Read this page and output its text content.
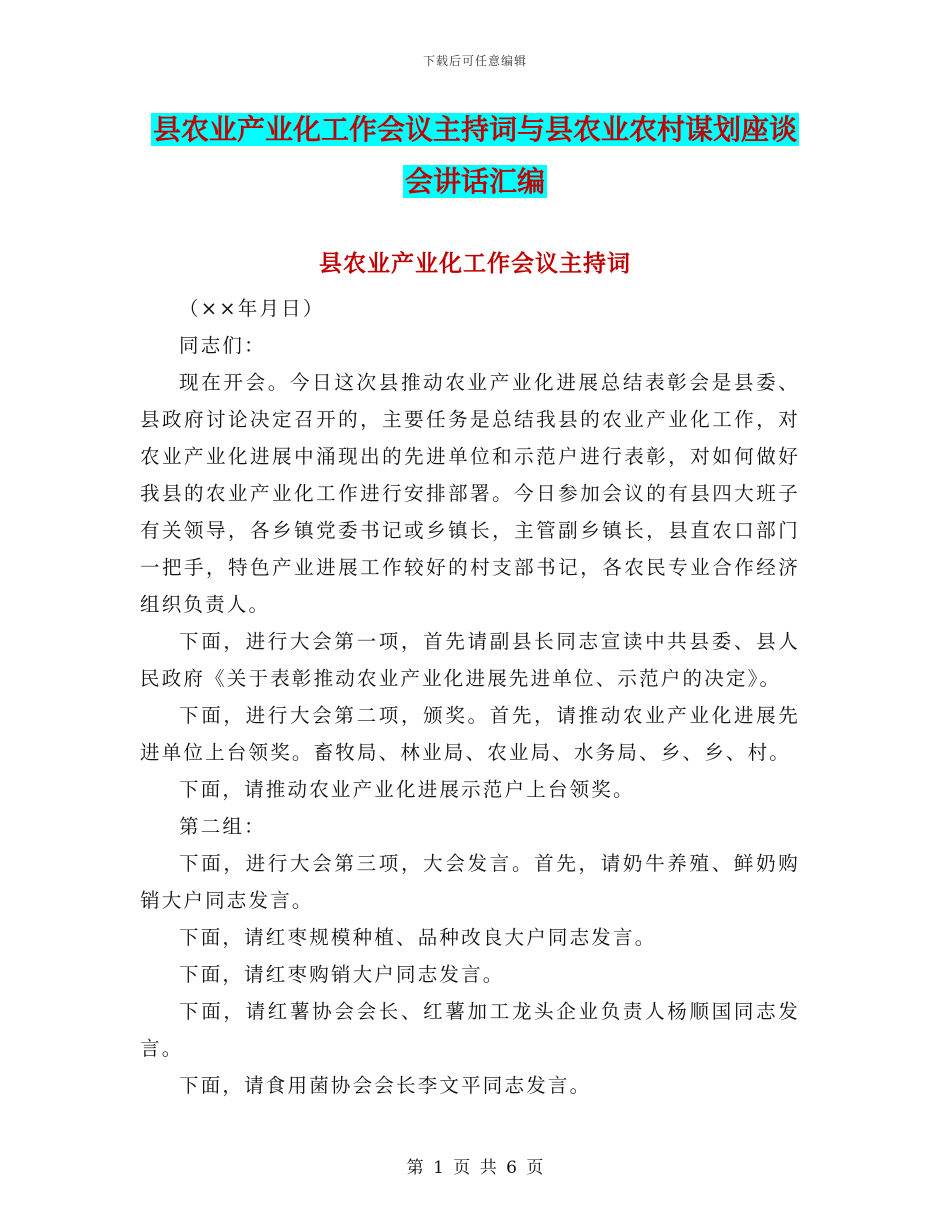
下载后可任意编辑
县农业产业化工作会议主持词与县农业农村谋划座谈
会讲话汇编
县农业产业化工作会议主持词

（××年月日）

同志们：

现在开会。今日这次县推动农业产业化进展总结表彰会是县委、县政府讨论决定召开的，主要任务是总结我县的农业产业化工作，对农业产业化进展中涌现出的先进单位和示范户进行表彰，对如何做好我县的农业产业化工作进行安排部署。今日参加会议的有县四大班子有关领导，各乡镇党委书记或乡镇长，主管副乡镇长，县直农口部门一把手，特色产业进展工作较好的村支部书记，各农民专业合作经济组织负责人。

下面，进行大会第一项，首先请副县长同志宣读中共县委、县人民政府《关于表彰推动农业产业化进展先进单位、示范户的决定》。

下面，进行大会第二项，颁奖。首先，请推动农业产业化进展先进单位上台领奖。畜牧局、林业局、农业局、水务局、乡、乡、村。

下面，请推动农业产业化进展示范户上台领奖。

第二组：

下面，进行大会第三项，大会发言。首先，请奶牛养殖、鲜奶购销大户同志发言。

下面，请红枣规模种植、品种改良大户同志发言。

下面，请红枣购销大户同志发言。

下面，请红薯协会会长、红薯加工龙头企业负责人杨顺国同志发言。

下面，请食用菌协会会长李文平同志发言。

第 1 页 共 6 页
